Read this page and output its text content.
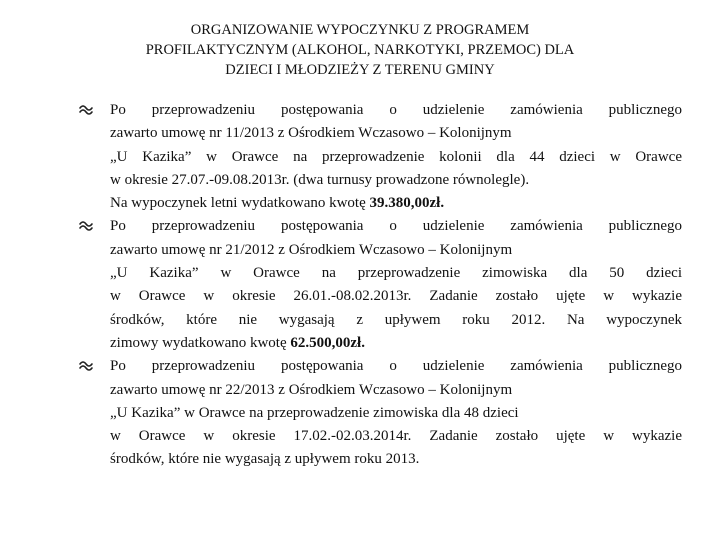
ORGANIZOWANIE WYPOCZYNKU Z PROGRAMEM
PROFILAKTYCZNYM (ALKOHOL, NARKOTYKI, PRZEMOC) DLA
DZIECI I MŁODZIEŻY Z TERENU GMINY
Po przeprowadzeniu postępowania o udzielenie zamówienia publicznego
zawarto umowę nr 11/2013 z Ośrodkiem Wczasowo – Kolonijnym
„U Kazika” w Orawce na przeprowadzenie kolonii dla 44 dzieci w Orawce
w okresie 27.07.-09.08.2013r. (dwa turnusy prowadzone równolegle).
Na wypoczynek letni wydatkowano kwotę 39.380,00zł.
Po przeprowadzeniu postępowania o udzielenie zamówienia publicznego
zawarto umowę nr 21/2012 z Ośrodkiem Wczasowo – Kolonijnym
„U Kazika” w Orawce na przeprowadzenie zimowiska dla 50 dzieci
w Orawce w okresie 26.01.-08.02.2013r. Zadanie zostało ujęte w wykazie
środków, które nie wygasają z upływem roku 2012. Na wypoczynek
zimowy wydatkowano kwotę 62.500,00zł.
Po przeprowadzeniu postępowania o udzielenie zamówienia publicznego
zawarto umowę nr 22/2013 z Ośrodkiem Wczasowo – Kolonijnym
„U Kazika” w Orawce na przeprowadzenie zimowiska dla 48 dzieci
w Orawce w okresie 17.02.-02.03.2014r. Zadanie zostało ujęte w wykazie
środków, które nie wygasają z upływem roku 2013.
